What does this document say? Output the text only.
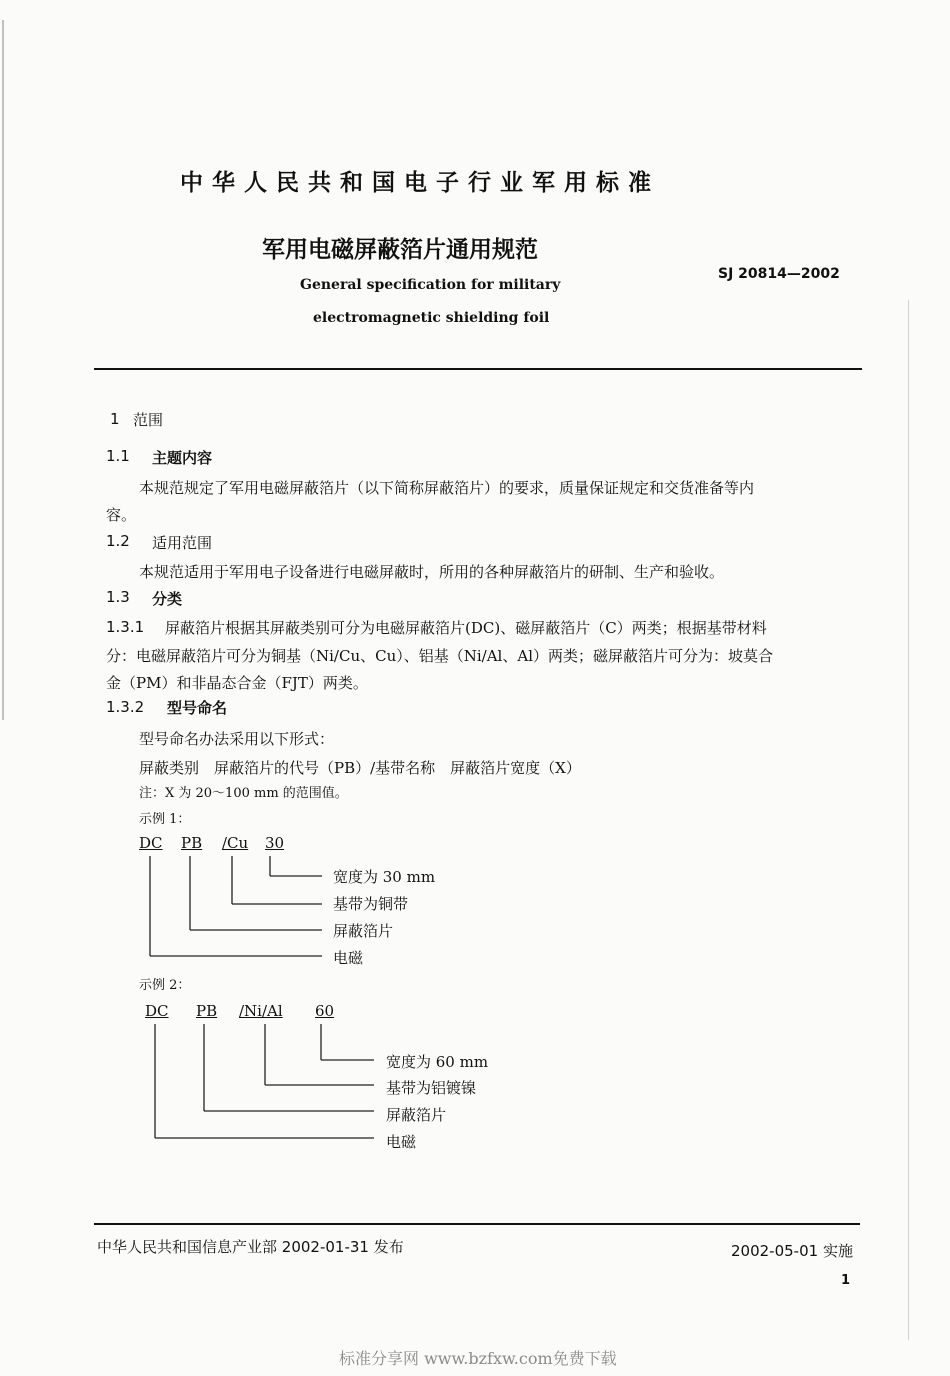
中华人民共和国电子行业军用标准
军用电磁屏蔽箔片通用规范
General specification for military
electromagnetic shielding foil
SJ 20814—2002
1 范围
1.1 主题内容
本规范规定了军用电磁屏蔽箔片（以下简称屏蔽箔片）的要求，质量保证规定和交货准备等内
容。
1.2 适用范围
本规范适用于军用电子设备进行电磁屏蔽时，所用的各种屏蔽箔片的研制、生产和验收。
1.3 分类
1.3.1 屏蔽箔片根据其屏蔽类别可分为电磁屏蔽箔片(DC)、磁屏蔽箔片（C）两类；根据基带材料
分：电磁屏蔽箔片可分为铜基（Ni/Cu、Cu）、铝基（Ni/Al、Al）两类；磁屏蔽箔片可分为：坡莫合
金（PM）和非晶态合金（FJT）两类。
1.3.2 型号命名
型号命名办法采用以下形式：
屏蔽类别　屏蔽箔片的代号（PB）/基带名称　屏蔽箔片宽度（X）
注：X 为 20～100 mm 的范围值。
示例 1：
DC PB /Cu 30
宽度为 30 mm
基带为铜带
屏蔽箔片
电磁
示例 2：
DC PB /Ni/Al 60
宽度为 60 mm
基带为铝镀镍
屏蔽箔片
电磁
中华人民共和国信息产业部 2002-01-31 发布	2002-05-01 实施
1
标准分享网 www.bzfxw.com免费下载
